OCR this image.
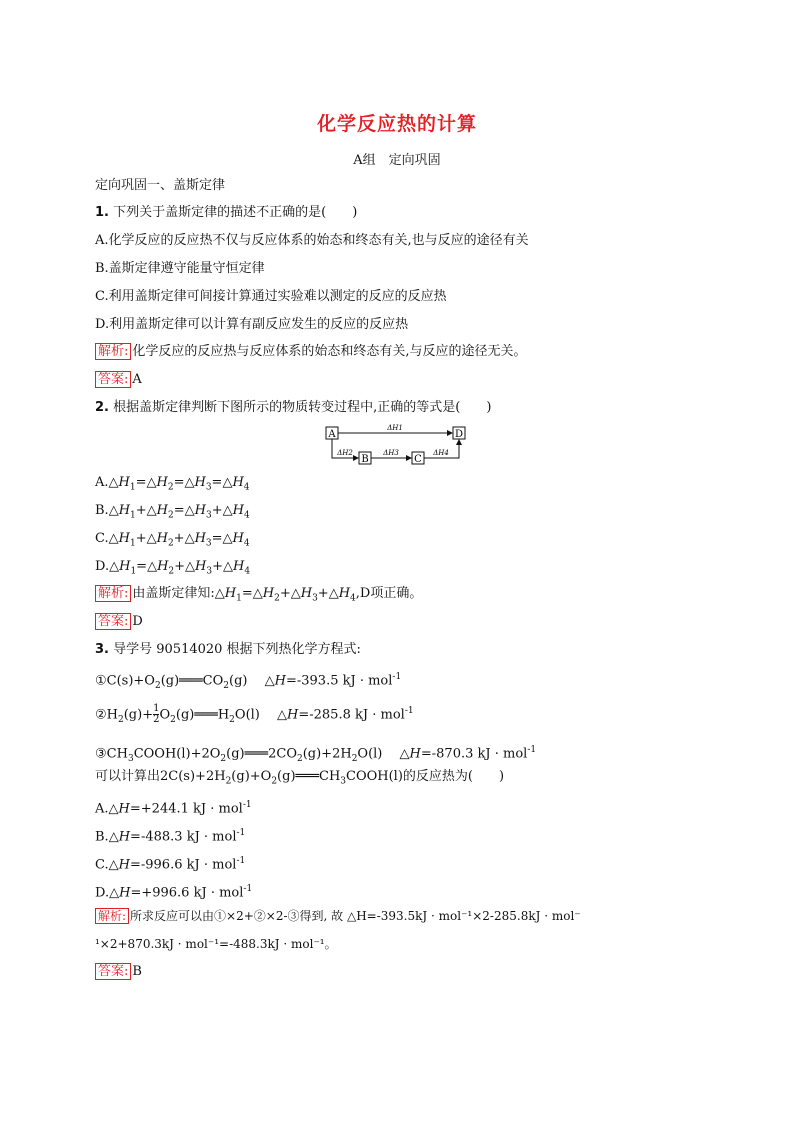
化学反应热的计算
A组　定向巩固
定向巩固一、盖斯定律
1. 下列关于盖斯定律的描述不正确的是(　　)
A.化学反应的反应热不仅与反应体系的始态和终态有关,也与反应的途径有关
B.盖斯定律遵守能量守恒定律
C.利用盖斯定律可间接计算通过实验难以测定的反应的反应热
D.利用盖斯定律可以计算有副反应发生的反应的反应热
解析: 化学反应的反应热与反应体系的始态和终态有关,与反应的途径无关。
答案: A
2. 根据盖斯定律判断下图所示的物质转变过程中,正确的等式是(　　)
A	D
B	C
ΔH1
ΔH2	ΔH3	ΔH4
$A.\triangle H_1=\triangle H_2=\triangle H_3=\triangle H_4$
$B.\triangle H_1+\triangle H_2=\triangle H_3+\triangle H_4$
$C.\triangle H_1+\triangle H_2+\triangle H_3=\triangle H_4$
$D.\triangle H_1=\triangle H_2+\triangle H_3+\triangle H_4$
解析: 由盖斯定律知$:\triangle H_1=\triangle H_2+\triangle H_3+\triangle H_4,D$项正确。
答案: D
3. 导学号 90514020 根据下列热化学方程式:
$①C(s)+O_2(g)═══CO_2(g)$　 △H=-393.5 kJ · mol$^{-1}$
$②H_2(g)+ \frac{1}{2}$ $O_2(g)═══H_2O(l)$　 △H=-285.8 kJ · mol$^{-1}$
$③CH_3COOH(l)+2O_2(g)═══2CO_2(g)+2H_2O(l)$　 △H=-870.3 kJ · mol$^{-1}$
可以计算出$2C(s)+2H_2(g)+O_2(g)═══CH_3COOH(l)$的反应热为(　　)
A.△H=+244.1 kJ · mol$^{-1}$
B.△H=-488.3 kJ · mol$^{-1}$
C.△H=-996.6 kJ · mol$^{-1}$
D.△H=+996.6 kJ · mol$^{-1}$
解析: 所求反应可以由①×2+②×2-③得到, 故 △H=-393.5kJ · mol⁻¹×2-285.8kJ · mol⁻
¹×2+870.3kJ · mol⁻¹=-488.3kJ · mol⁻¹。
答案: B
